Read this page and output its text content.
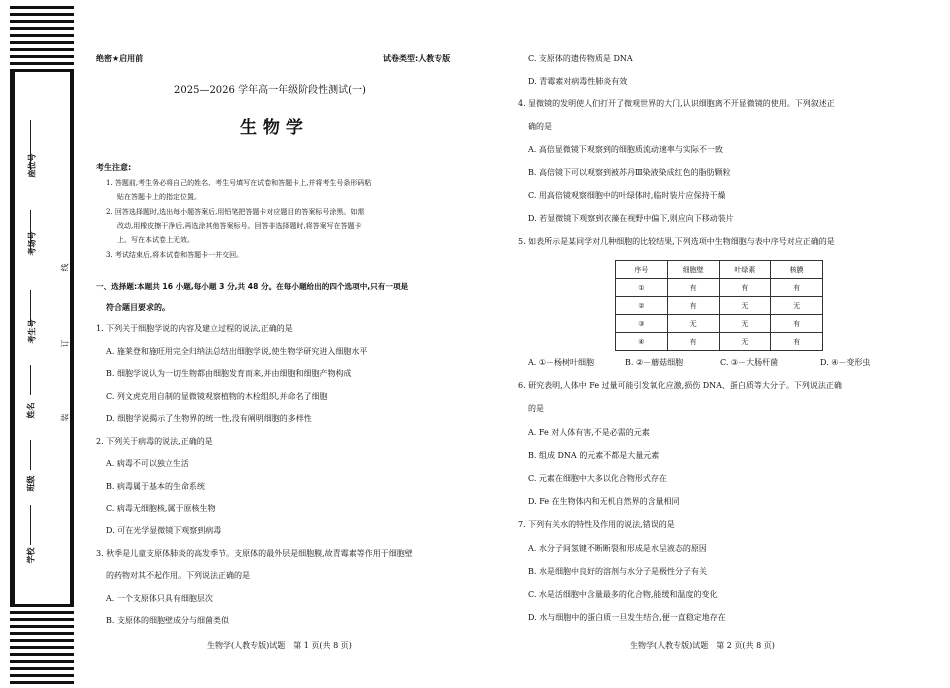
座位号
考场号
考生号
姓名
班级
学校
线
订
装
绝密★启用前	试卷类型:人教专版
2025—2026 学年高一年级阶段性测试(一)
生 物 学
考生注意:
1. 答题前,考生务必将自己的姓名、考生号填写在试卷和答题卡上,并将考生号条形码粘
贴在答题卡上的指定位置。
2. 回答选择题时,选出每小题答案后,用铅笔把答题卡对应题目的答案标号涂黑。如需
改动,用橡皮擦干净后,再选涂其他答案标号。回答非选择题时,将答案写在答题卡
上。写在本试卷上无效。
3. 考试结束后,将本试卷和答题卡一并交回。
一、选择题:本题共 16 小题,每小题 3 分,共 48 分。在每小题给出的四个选项中,只有一项是
符合题目要求的。
1. 下列关于细胞学说的内容及建立过程的说法,正确的是
A. 施莱登和施旺用完全归纳法总结出细胞学说,使生物学研究进入细胞水平
B. 细胞学说认为一切生物都由细胞发育而来,并由细胞和细胞产物构成
C. 列文虎克用自制的显微镜观察植物的木栓组织,并命名了细胞
D. 细胞学说揭示了生物界的统一性,没有阐明细胞的多样性
2. 下列关于病毒的说法,正确的是
A. 病毒不可以独立生活
B. 病毒属于基本的生命系统
C. 病毒无细胞核,属于原核生物
D. 可在光学显微镜下观察到病毒
3. 秋季是儿童支原体肺炎的高发季节。支原体的最外层是细胞膜,故青霉素等作用于细胞壁
的药物对其不起作用。下列说法正确的是
A. 一个支原体只具有细胞层次
B. 支原体的细胞壁成分与细菌类似
生物学(人教专版)试题　第 1 页(共 8 页)
C. 支原体的遗传物质是 DNA
D. 青霉素对病毒性肺炎有效
4. 显微镜的发明使人们打开了微观世界的大门,认识细胞离不开显微镜的使用。下列叙述正
确的是
A. 高倍显微镜下观察到的细胞质流动速率与实际不一致
B. 高倍镜下可以观察到被苏丹Ⅲ染液染成红色的脂肪颗粒
C. 用高倍镜观察细胞中的叶绿体时,临时装片应保持干燥
D. 若显微镜下观察到衣藻在视野中偏下,则应向下移动装片
5. 如表所示是某同学对几种细胞的比较结果,下列选项中生物细胞与表中序号对应正确的是
序号	细胞壁	叶绿素	核膜
①	有	有	有
②	有	无	无
③	无	无	有
④	有	无	有
A. ①－杨树叶细胞	B. ②－蘑菇细胞	C. ③－大肠杆菌	D. ④－变形虫
6. 研究表明,人体中 Fe 过量可能引发氧化应激,损伤 DNA、蛋白质等大分子。下列说法正确
的是
A. Fe 对人体有害,不是必需的元素
B. 组成 DNA 的元素不都是大量元素
C. 元素在细胞中大多以化合物形式存在
D. Fe 在生物体内和无机自然界的含量相同
7. 下列有关水的特性及作用的说法,错误的是
A. 水分子间氢键不断断裂和形成是水呈液态的原因
B. 水是细胞中良好的溶剂与水分子是极性分子有关
C. 水是活细胞中含量最多的化合物,能缓和温度的变化
D. 水与细胞中的蛋白质一旦发生结合,便一直稳定地存在
生物学(人教专版)试题　第 2 页(共 8 页)
